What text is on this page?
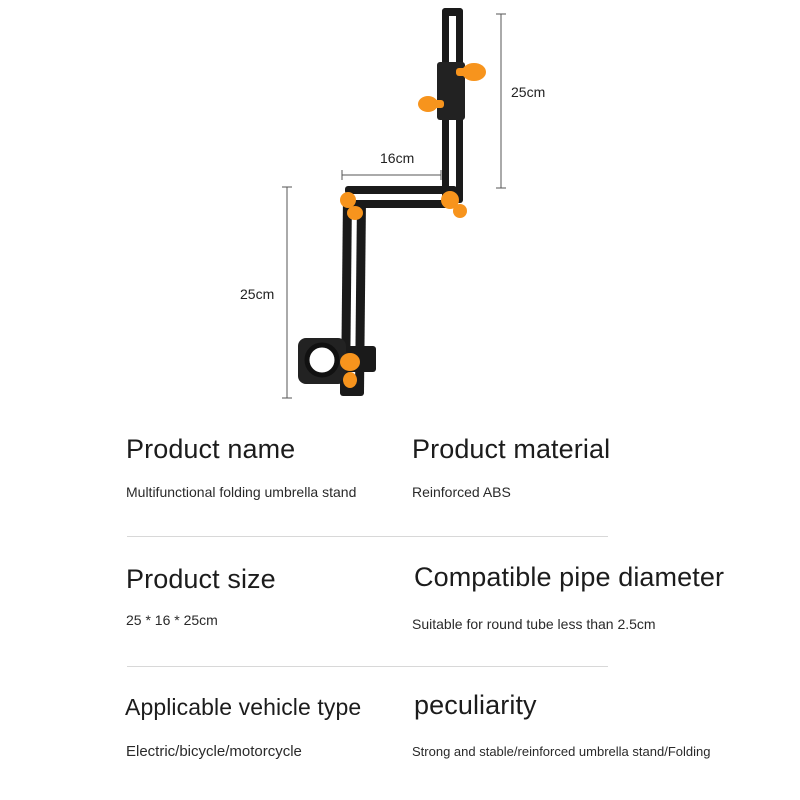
25cm
16cm
25cm
Product name
Multifunctional folding umbrella stand
Product material
Reinforced ABS
Product size
25 * 16 * 25cm
Compatible pipe diameter
Suitable for round tube less than 2.5cm
Applicable vehicle type
Electric/bicycle/motorcycle
peculiarity
Strong and stable/reinforced umbrella stand/Folding
